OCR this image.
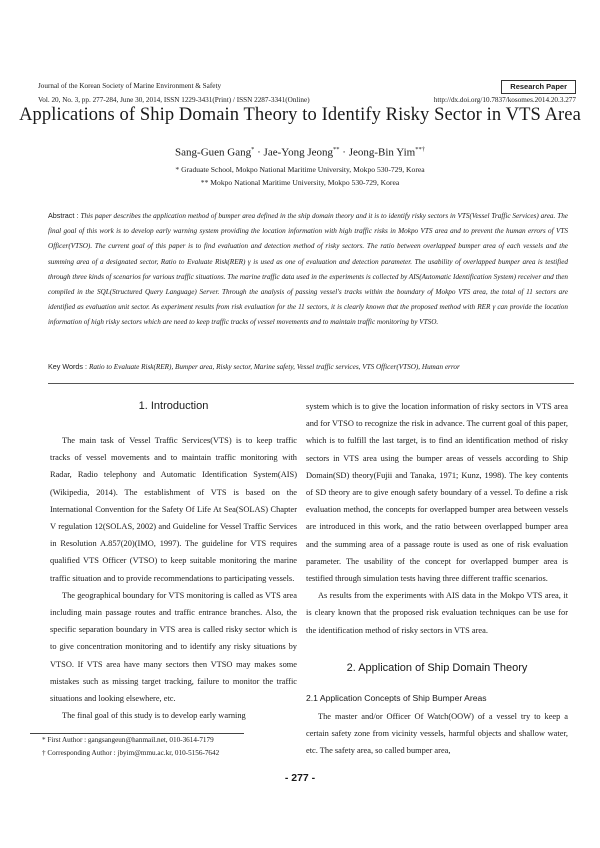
Journal of the Korean Society of Marine Environment & Safety	Research Paper
Vol. 20, No. 3, pp. 277-284, June 30, 2014, ISSN 1229-3431(Print) / ISSN 2287-3341(Online)	http://dx.doi.org/10.7837/kosomes.2014.20.3.277
Applications of Ship Domain Theory to Identify Risky Sector in VTS Area
Sang-Guen Gang* · Jae-Yong Jeong** · Jeong-Bin Yim**†
* Graduate School, Mokpo National Maritime University, Mokpo 530-729, Korea
** Mokpo National Maritime University, Mokpo 530-729, Korea
Abstract : This paper describes the application method of bumper area defined in the ship domain theory and it is to identify risky sectors in VTS(Vessel Traffic Services) area. The final goal of this work is to develop early warning system providing the location information with high traffic risks in Mokpo VTS area and to prevent the human errors of VTS Officer(VTSO). The current goal of this paper is to find evaluation and detection method of risky sectors. The ratio between overlapped bumper area of each vessels and the summing area of a designated sector, Ratio to Evaluate Risk(RER) γ is used as one of evaluation and detection parameter. The usability of overlapped bumper area is testified through three kinds of scenarios for various traffic situations. The marine traffic data used in the experiments is collected by AIS(Automatic Identification System) receiver and then compiled in the SQL(Structured Query Language) Server. Through the analysis of passing vessel's tracks within the boundary of Mokpo VTS area, the total of 11 sectors are identified as evaluation unit sector. As experiment results from risk evaluation for the 11 sectors, it is clearly known that the proposed method with RER γ can provide the location information of high risky sectors which are need to keep traffic tracks of vessel movements and to maintain traffic monitoring by VTSO.
Key Words : Ratio to Evaluate Risk(RER), Bumper area, Risky sector, Marine safety, Vessel traffic services, VTS Officer(VTSO), Human error
1. Introduction

The main task of Vessel Traffic Services(VTS) is to keep traffic tracks of vessel movements and to maintain traffic monitoring with Radar, Radio telephony and Automatic Identification System(AIS)(Wikipedia, 2014). The establishment of VTS is based on the International Convention for the Safety Of Life At Sea(SOLAS) Chapter V regulation 12(SOLAS, 2002) and Guideline for Vessel Traffic Services in Resolution A.857(20)(IMO, 1997). The guideline for VTS requires qualified VTS Officer (VTSO) to keep suitable monitoring the marine traffic situation and to provide recommendations to participating vessels.

The geographical boundary for VTS monitoring is called as VTS area including main passage routes and traffic entrance branches. Also, the specific separation boundary in VTS area is called risky sector which is to give concentration monitoring and to identify any risky situations by VTSO. If VTS area have many sectors then VTSO may makes some mistakes such as missing target tracking, failure to monitor the traffic situations and looking elsewhere, etc.

The final goal of this study is to develop early warning

system which is to give the location information of risky sectors in VTS area and for VTSO to recognize the risk in advance. The current goal of this paper, which is to fulfill the last target, is to find an identification method of risky sectors in VTS area using the bumper areas of vessels according to Ship Domain(SD) theory(Fujii and Tanaka, 1971; Kunz, 1998). The key contents of SD theory are to give enough safety boundary of a vessel. To define a risk evaluation method, the concepts for overlapped bumper area between vessels are introduced in this work, and the ratio between overlapped bumper area and the summing area of a passage route is used as one of risk evaluation parameter. The usability of the concept for overlapped bumper area is testified through simulation tests having three different traffic scenarios.

As results from the experiments with AIS data in the Mokpo VTS area, it is cleary known that the proposed risk evaluation techniques can be use for the identification method of risky sectors in VTS area.

2. Application of Ship Domain Theory
2.1 Application Concepts of Ship Bumper Areas

The master and/or Officer Of Watch(OOW) of a vessel try to keep a certain safety zone from vicinity vessels, harmful objects and shallow water, etc. The safety area, so called bumper area,

* First Author : gangsangeun@hanmail.net, 010-3614-7179
† Corresponding Author : jbyim@mmu.ac.kr, 010-5156-7642
- 277 -
